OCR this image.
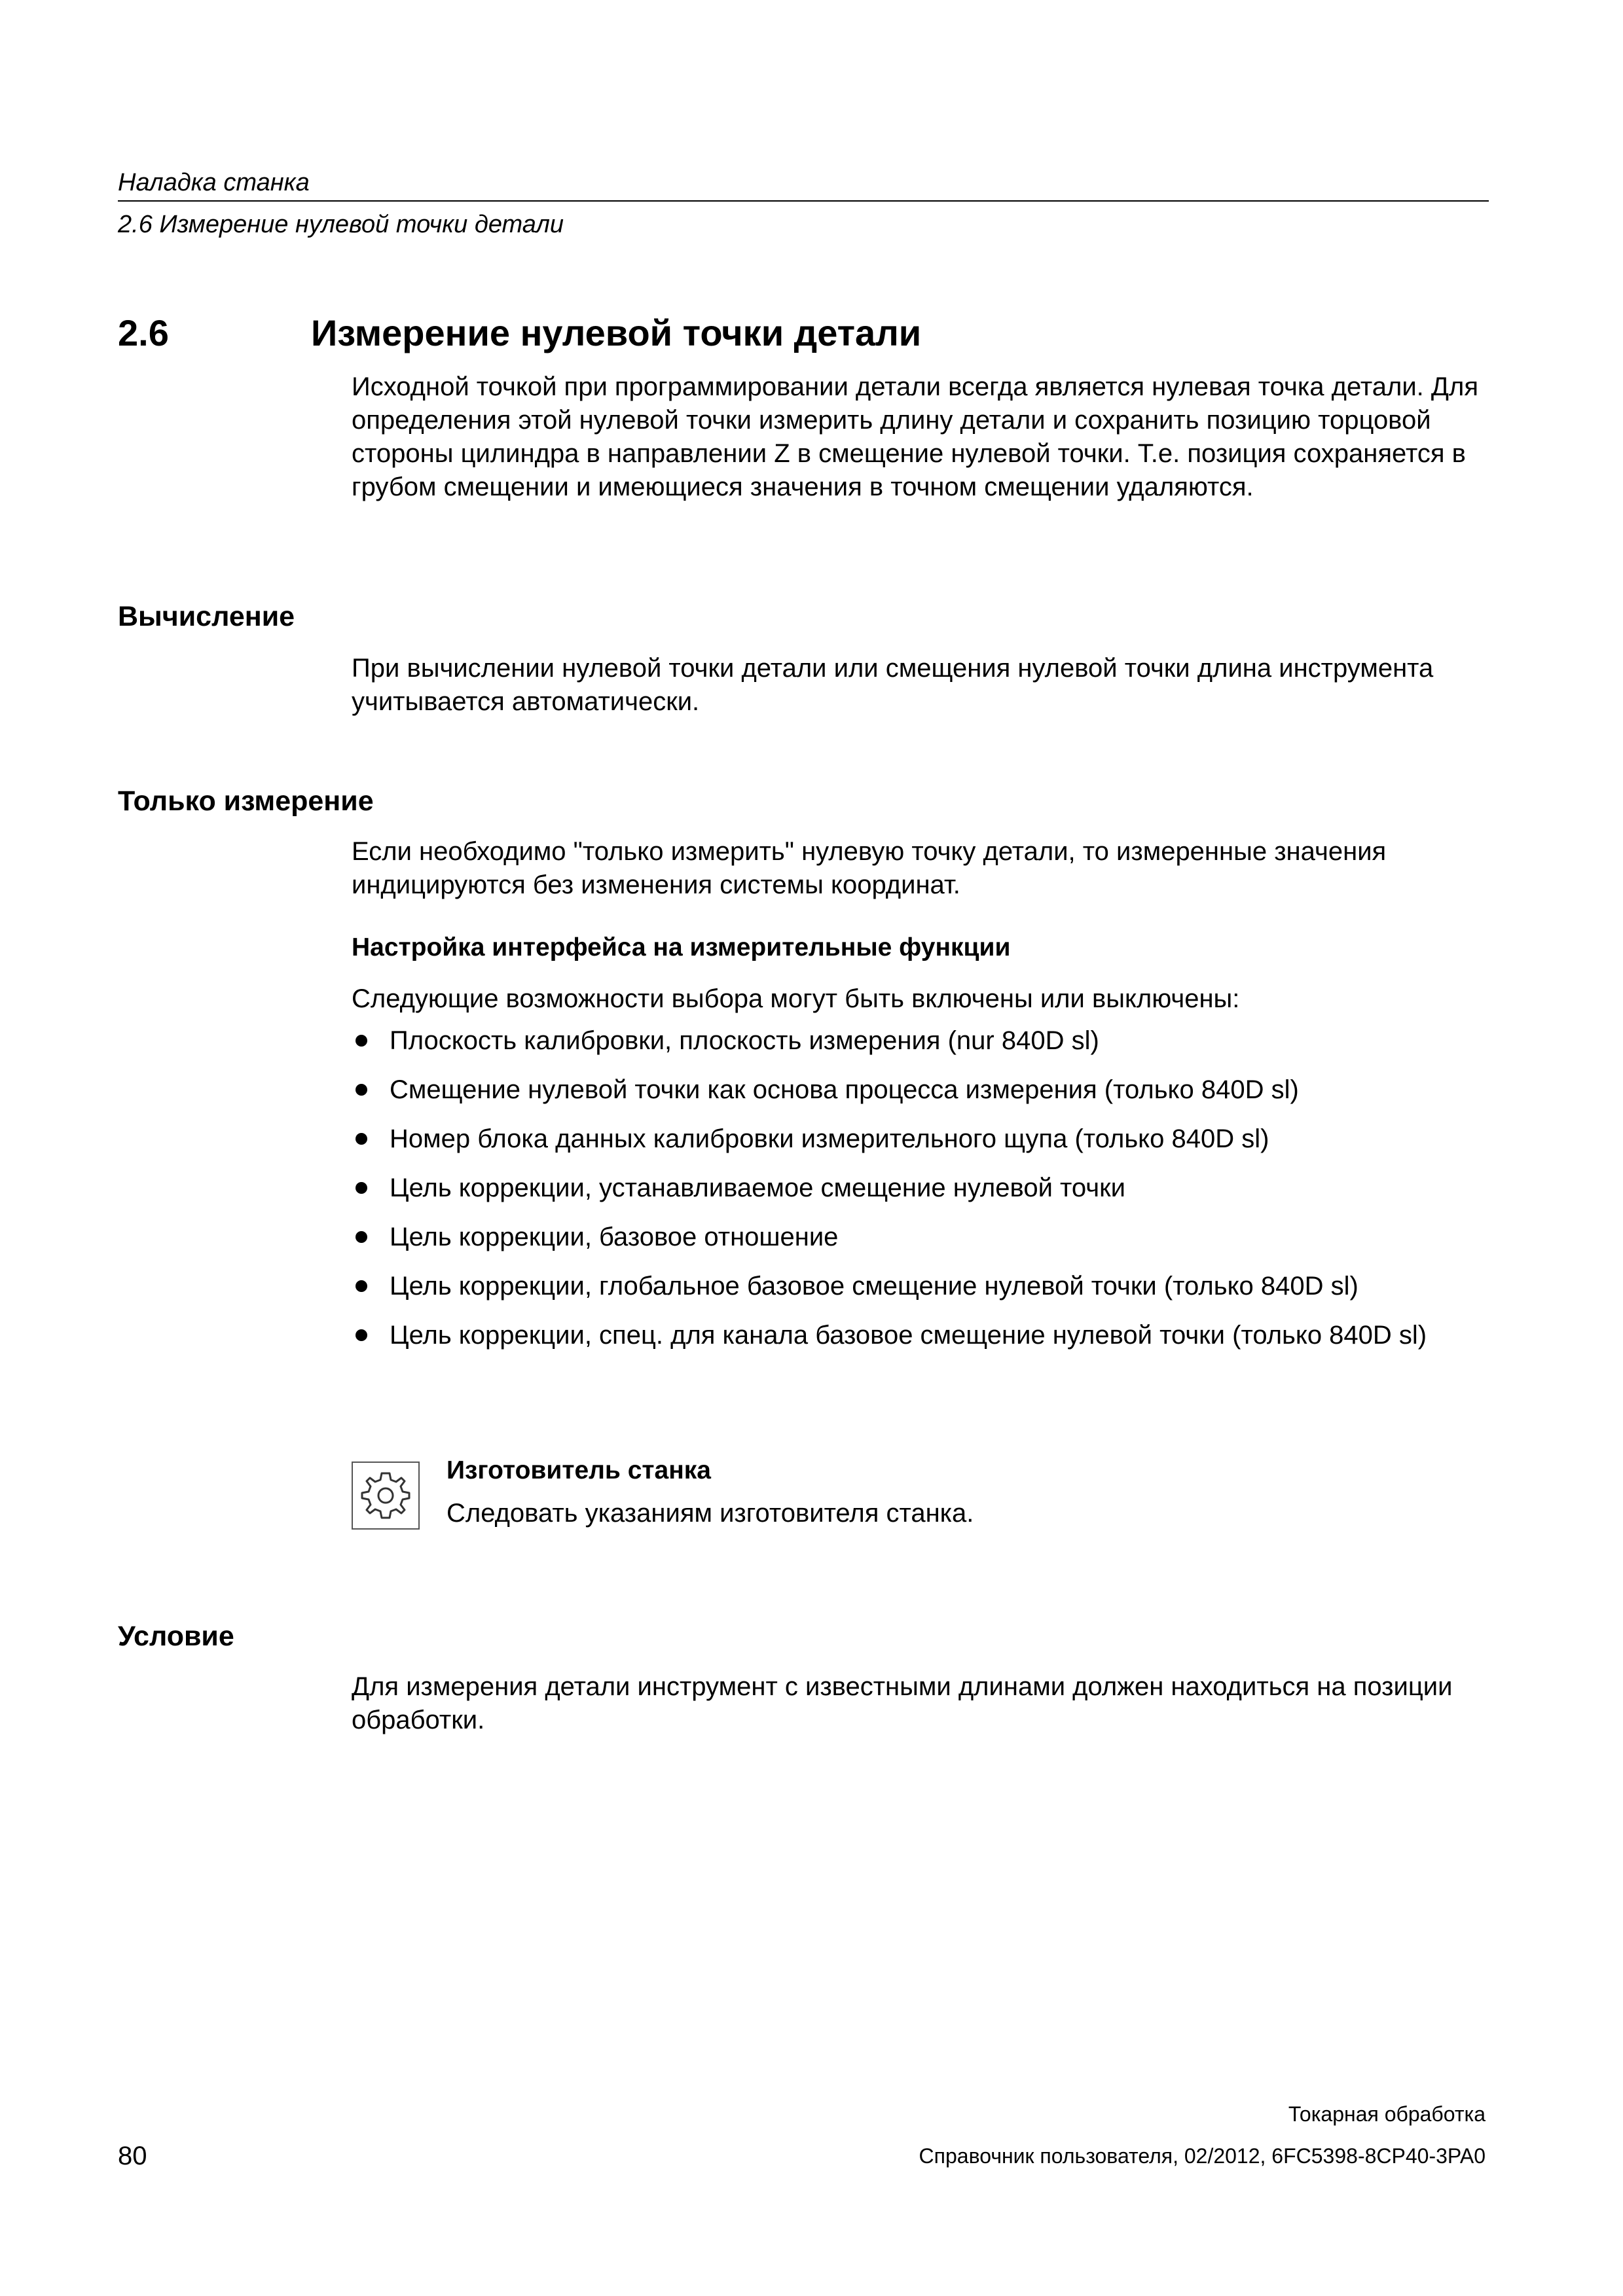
Наладка станка
2.6 Измерение нулевой точки детали
2.6	Измерение нулевой точки детали
Исходной точкой при программировании детали всегда является нулевая точка детали. Для определения этой нулевой точки измерить длину детали и сохранить позицию торцовой стороны цилиндра в направлении Z в смещение нулевой точки. Т.е. позиция сохраняется в грубом смещении и имеющиеся значения в точном смещении удаляются.
Вычисление
При вычислении нулевой точки детали или смещения нулевой точки длина инструмента учитывается автоматически.
Только измерение
Если необходимо "только измерить" нулевую точку детали, то измеренные значения индицируются без изменения системы координат.
Настройка интерфейса на измерительные функции
Следующие возможности выбора могут быть включены или выключены:
Плоскость калибровки, плоскость измерения (nur 840D sl)
Смещение нулевой точки как основа процесса измерения (только 840D sl)
Номер блока данных калибровки измерительного щупа (только 840D sl)
Цель коррекции, устанавливаемое смещение нулевой точки
Цель коррекции, базовое отношение
Цель коррекции, глобальное базовое смещение нулевой точки (только 840D sl)
Цель коррекции, спец. для канала базовое смещение нулевой точки (только 840D sl)
Изготовитель станка
Следовать указаниям изготовителя станка.
Условие
Для измерения детали инструмент с известными длинами должен находиться на позиции обработки.
Токарная обработка
80	Справочник пользователя, 02/2012, 6FC5398-8CP40-3PA0
